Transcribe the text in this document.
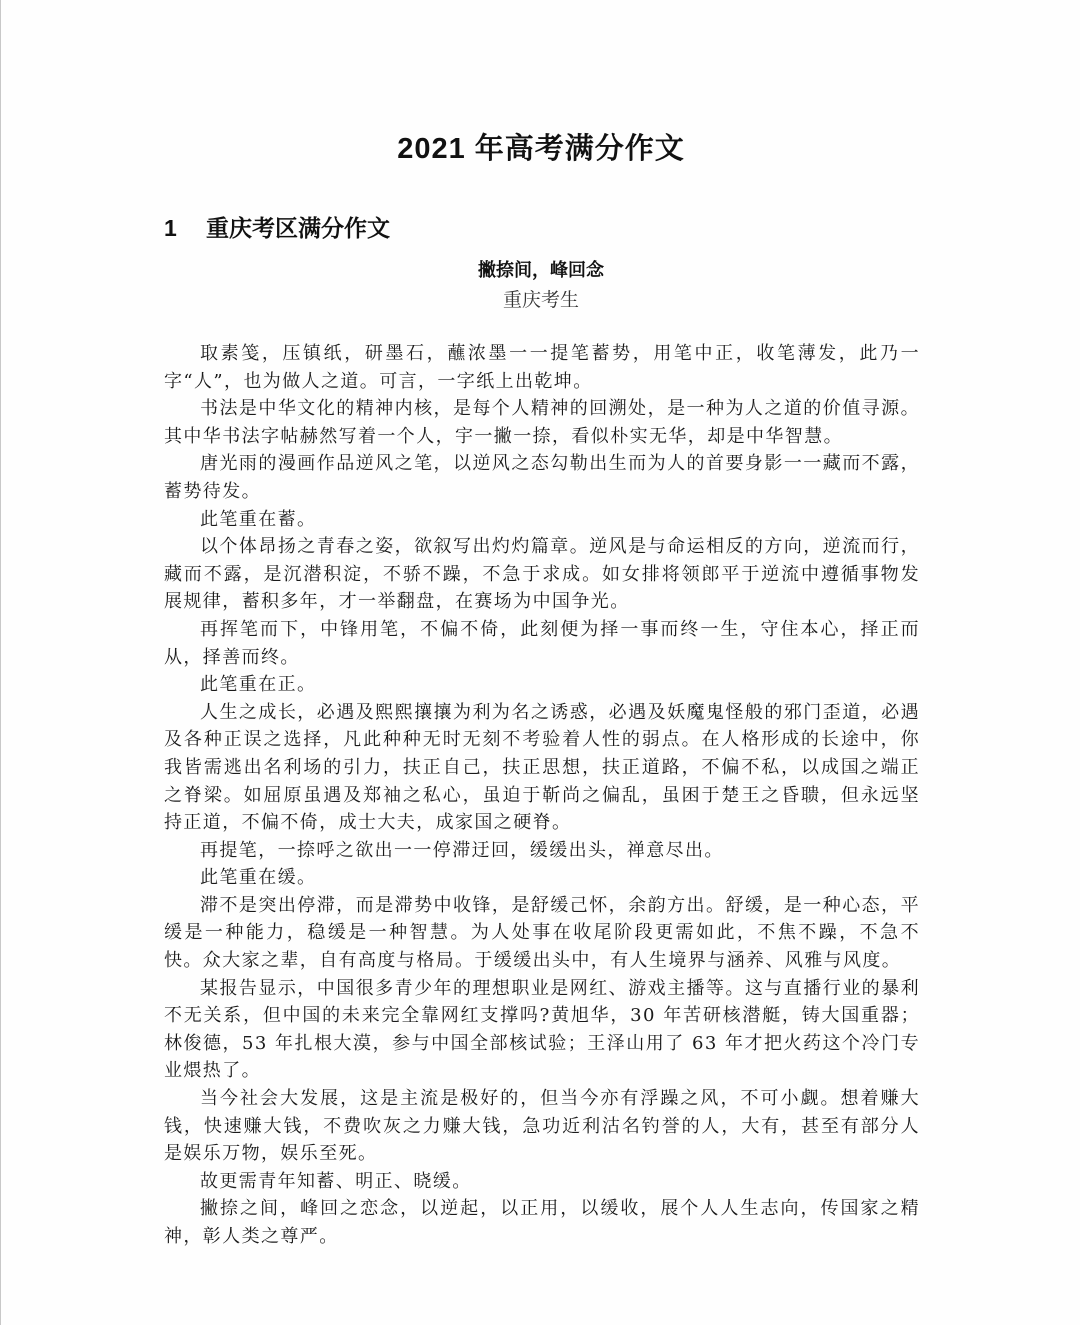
2021 年高考满分作文
1 重庆考区满分作文
撇捺间，峰回念
重庆考生

取素笺，压镇纸，研墨石，蘸浓墨一一提笔蓄势，用笔中正，收笔薄发，此乃一字“人”，也为做人之道。可言，一字纸上出乾坤。

书法是中华文化的精神内核，是每个人精神的回溯处，是一种为人之道的价值寻源。其中华书法字帖赫然写着一个人，宇一撇一捺，看似朴实无华，却是中华智慧。

唐光雨的漫画作品逆风之笔，以逆风之态勾勒出生而为人的首要身影一一藏而不露，蓄势待发。

此笔重在蓄。

以个体昂扬之青春之姿，欲叙写出灼灼篇章。逆风是与命运相反的方向，逆流而行，藏而不露，是沉潜积淀，不骄不躁，不急于求成。如女排将领郎平于逆流中遵循事物发展规律，蓄积多年，才一举翻盘，在赛场为中国争光。

再挥笔而下，中锋用笔，不偏不倚，此刻便为择一事而终一生，守住本心，择正而从，择善而终。

此笔重在正。

人生之成长，必遇及熙熙攘攘为利为名之诱惑，必遇及妖魔鬼怪般的邪门歪道，必遇及各种正误之选择，凡此种种无时无刻不考验着人性的弱点。在人格形成的长途中，你我皆需逃出名利场的引力，扶正自己，扶正思想，扶正道路，不偏不私，以成国之端正之脊梁。如屈原虽遇及郑袖之私心，虽迫于靳尚之偏乱，虽困于楚王之昏聩，但永远坚持正道，不偏不倚，成士大夫，成家国之硬脊。

再提笔，一捺呼之欲出一一停滞迂回，缓缓出头，禅意尽出。

此笔重在缓。

滞不是突出停滞，而是滞势中收锋，是舒缓己怀，余韵方出。舒缓，是一种心态，平缓是一种能力，稳缓是一种智慧。为人处事在收尾阶段更需如此，不焦不躁，不急不快。众大家之辈，自有高度与格局。于缓缓出头中，有人生境界与涵养、风雅与风度。

某报告显示，中国很多青少年的理想职业是网红、游戏主播等。这与直播行业的暴利不无关系，但中国的未来完全靠网红支撑吗?黄旭华，30 年苦研核潜艇，铸大国重器；林俊德，53 年扎根大漠，参与中国全部核试验；王泽山用了 63 年才把火药这个冷门专业煨热了。

当今社会大发展，这是主流是极好的，但当今亦有浮躁之风，不可小觑。想着赚大钱，快速赚大钱，不费吹灰之力赚大钱，急功近利沽名钓誉的人，大有，甚至有部分人是娱乐万物，娱乐至死。

故更需青年知蓄、明正、晓缓。

撇捺之间，峰回之恋念，以逆起，以正用，以缓收，展个人人生志向，传国家之精神，彰人类之尊严。
